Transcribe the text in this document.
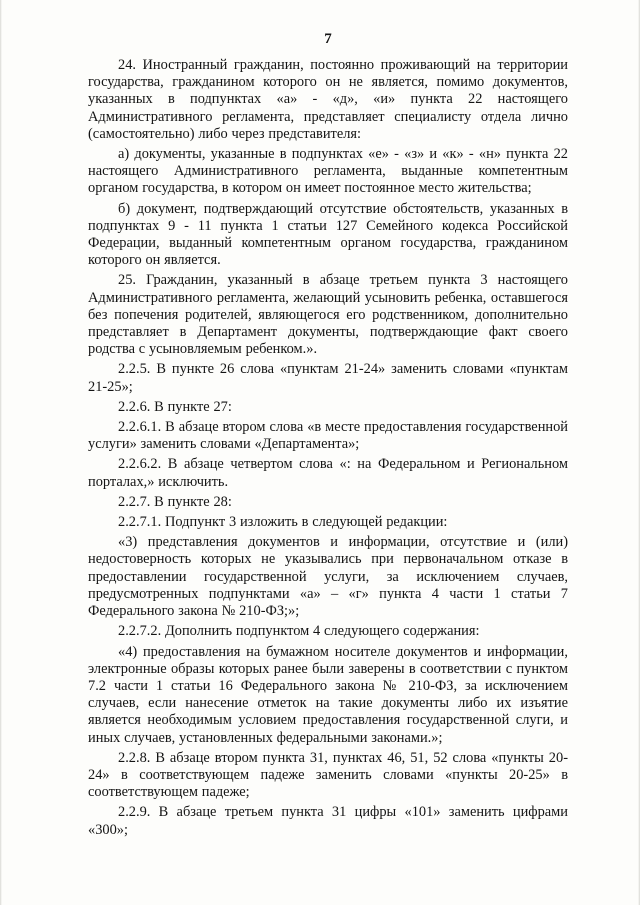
7

24. Иностранный гражданин, постоянно проживающий на территории государства, гражданином которого он не является, помимо документов, указанных в подпунктах «а» - «д», «и» пункта 22 настоящего Административного регламента, представляет специалисту отдела лично (самостоятельно) либо через представителя:

а) документы, указанные в подпунктах «е» - «з» и «к» - «н» пункта 22 настоящего Административного регламента, выданные компетентным органом государства, в котором он имеет постоянное место жительства;

б) документ, подтверждающий отсутствие обстоятельств, указанных в подпунктах 9 - 11 пункта 1 статьи 127 Семейного кодекса Российской Федерации, выданный компетентным органом государства, гражданином которого он является.

25. Гражданин, указанный в абзаце третьем пункта 3 настоящего Административного регламента, желающий усыновить ребенка, оставшегося без попечения родителей, являющегося его родственником, дополнительно представляет в Департамент документы, подтверждающие факт своего родства с усыновляемым ребенком.».

2.2.5. В пункте 26 слова «пунктам 21-24» заменить словами «пунктам 21-25»;

2.2.6. В пункте 27:

2.2.6.1. В абзаце втором слова «в месте предоставления государственной услуги» заменить словами «Департамента»;

2.2.6.2. В абзаце четвертом слова «: на Федеральном и Региональном порталах,» исключить.

2.2.7. В пункте 28:

2.2.7.1. Подпункт 3 изложить в следующей редакции:

«3) представления документов и информации, отсутствие и (или) недостоверность которых не указывались при первоначальном отказе в предоставлении государственной услуги, за исключением случаев, предусмотренных подпунктами «а» – «г» пункта 4 части 1 статьи 7 Федерального закона № 210-ФЗ;»;

2.2.7.2. Дополнить подпунктом 4 следующего содержания:

«4) предоставления на бумажном носителе документов и информации, электронные образы которых ранее были заверены в соответствии с пунктом 7.2 части 1 статьи 16 Федерального закона № 210-ФЗ, за исключением случаев, если нанесение отметок на такие документы либо их изъятие является необходимым условием предоставления государственной слуги, и иных случаев, установленных федеральными законами.»;

2.2.8. В абзаце втором пункта 31, пунктах 46, 51, 52 слова «пункты 20-24» в соответствующем падеже заменить словами «пункты 20-25» в соответствующем падеже;

2.2.9. В абзаце третьем пункта 31 цифры «101» заменить цифрами «300»;
